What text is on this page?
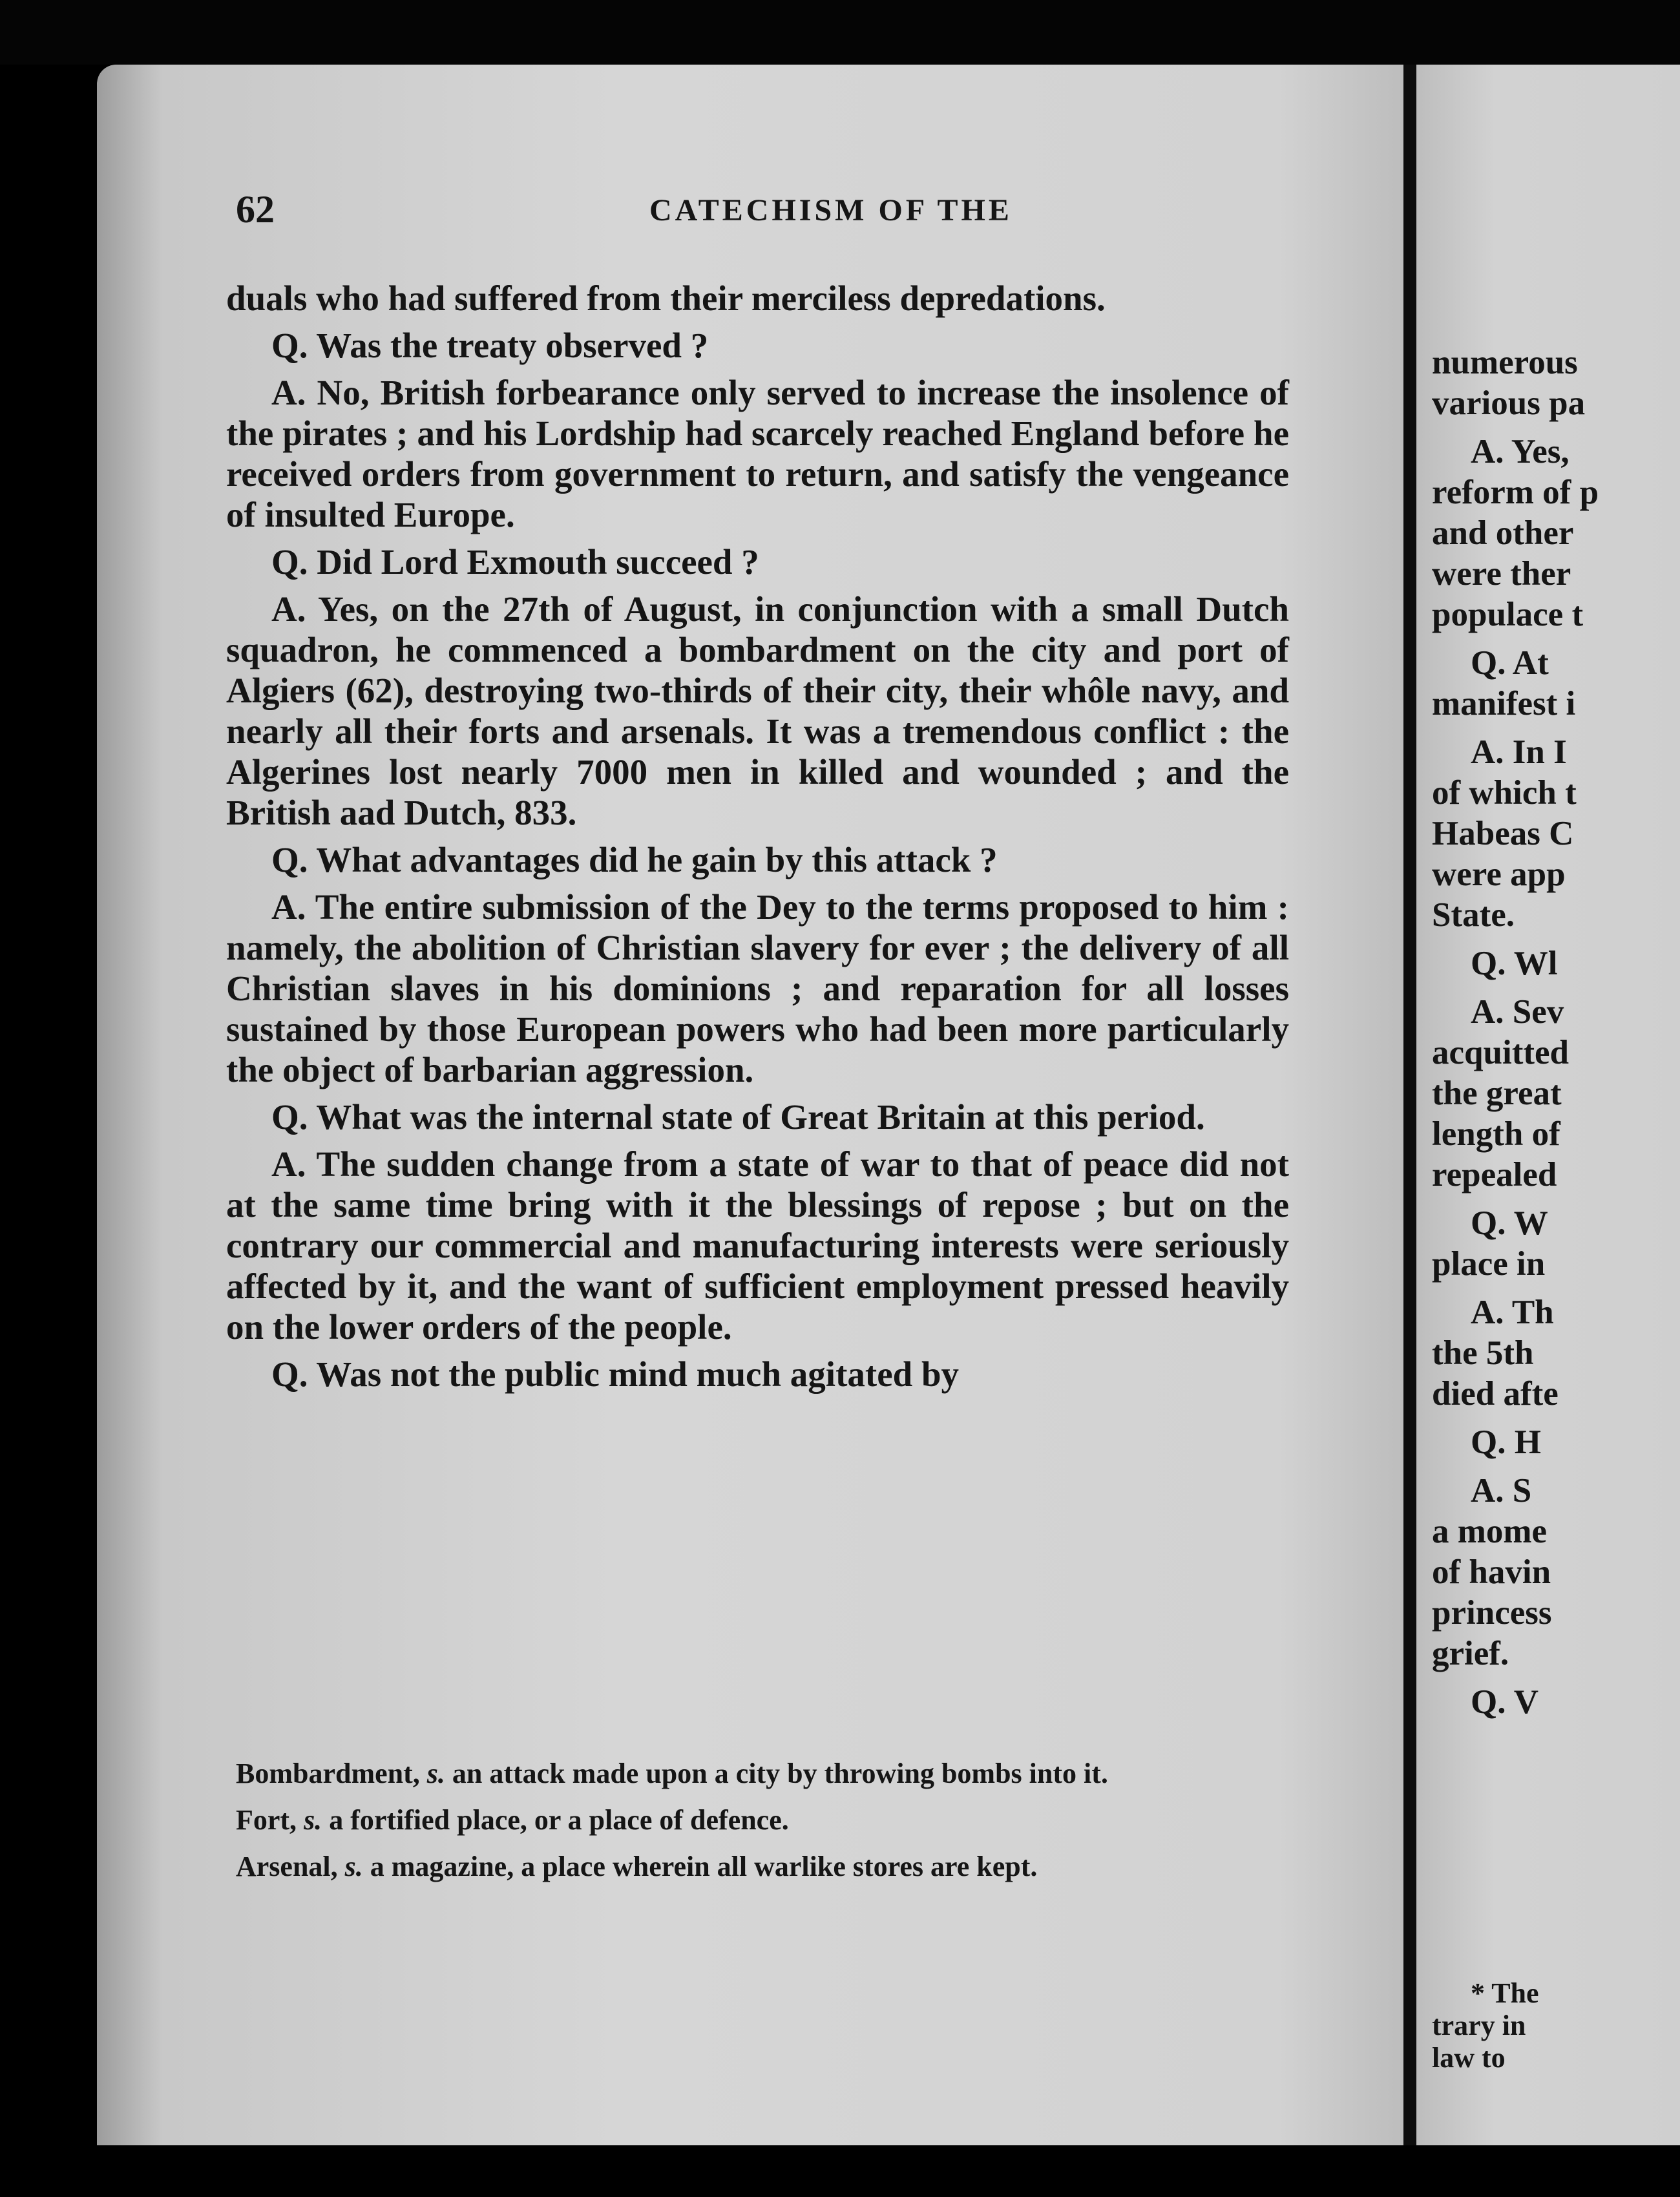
62	CATECHISM OF THE

duals who had suffered from their merciless depredations.

Q. Was the treaty observed ?

A. No, British forbearance only served to increase the insolence of the pirates ; and his Lordship had scarcely reached England before he received orders from government to return, and satisfy the vengeance of insulted Europe.

Q. Did Lord Exmouth succeed ?

A. Yes, on the 27th of August, in conjunction with a small Dutch squadron, he commenced a bombardment on the city and port of Algiers (62), destroying two-thirds of their city, their whôle navy, and nearly all their forts and arsenals. It was a tremendous conflict : the Algerines lost nearly 7000 men in killed and wounded ; and the British aad Dutch, 833.

Q. What advantages did he gain by this attack ?

A. The entire submission of the Dey to the terms proposed to him : namely, the abolition of Christian slavery for ever ; the delivery of all Christian slaves in his dominions ; and reparation for all losses sustained by those European powers who had been more particularly the object of barbarian aggression.

Q. What was the internal state of Great Britain at this period.

A. The sudden change from a state of war to that of peace did not at the same time bring with it the blessings of repose ; but on the contrary our commercial and manufacturing interests were seriously affected by it, and the want of sufficient employment pressed heavily on the lower orders of the people.

Q. Was not the public mind much agitated by

Bombardment, s. an attack made upon a city by throwing bombs into it.
Fort, s. a fortified place, or a place of defence.
Arsenal, s. a magazine, a place wherein all warlike stores are kept.
numerous
various pa
A. Yes,
reform of p
and other
were ther
populace t
Q. At
manifest i
A. In I
of which t
Habeas C
were app
State.
Q. Wl
A. Sev
acquitted
the great
length of
repealed
Q. W
place in
A. Th
the 5th
died afte
Q. H
A. S
a mome
of havin
princess
grief.
Q. V
* The
trary in
law to
